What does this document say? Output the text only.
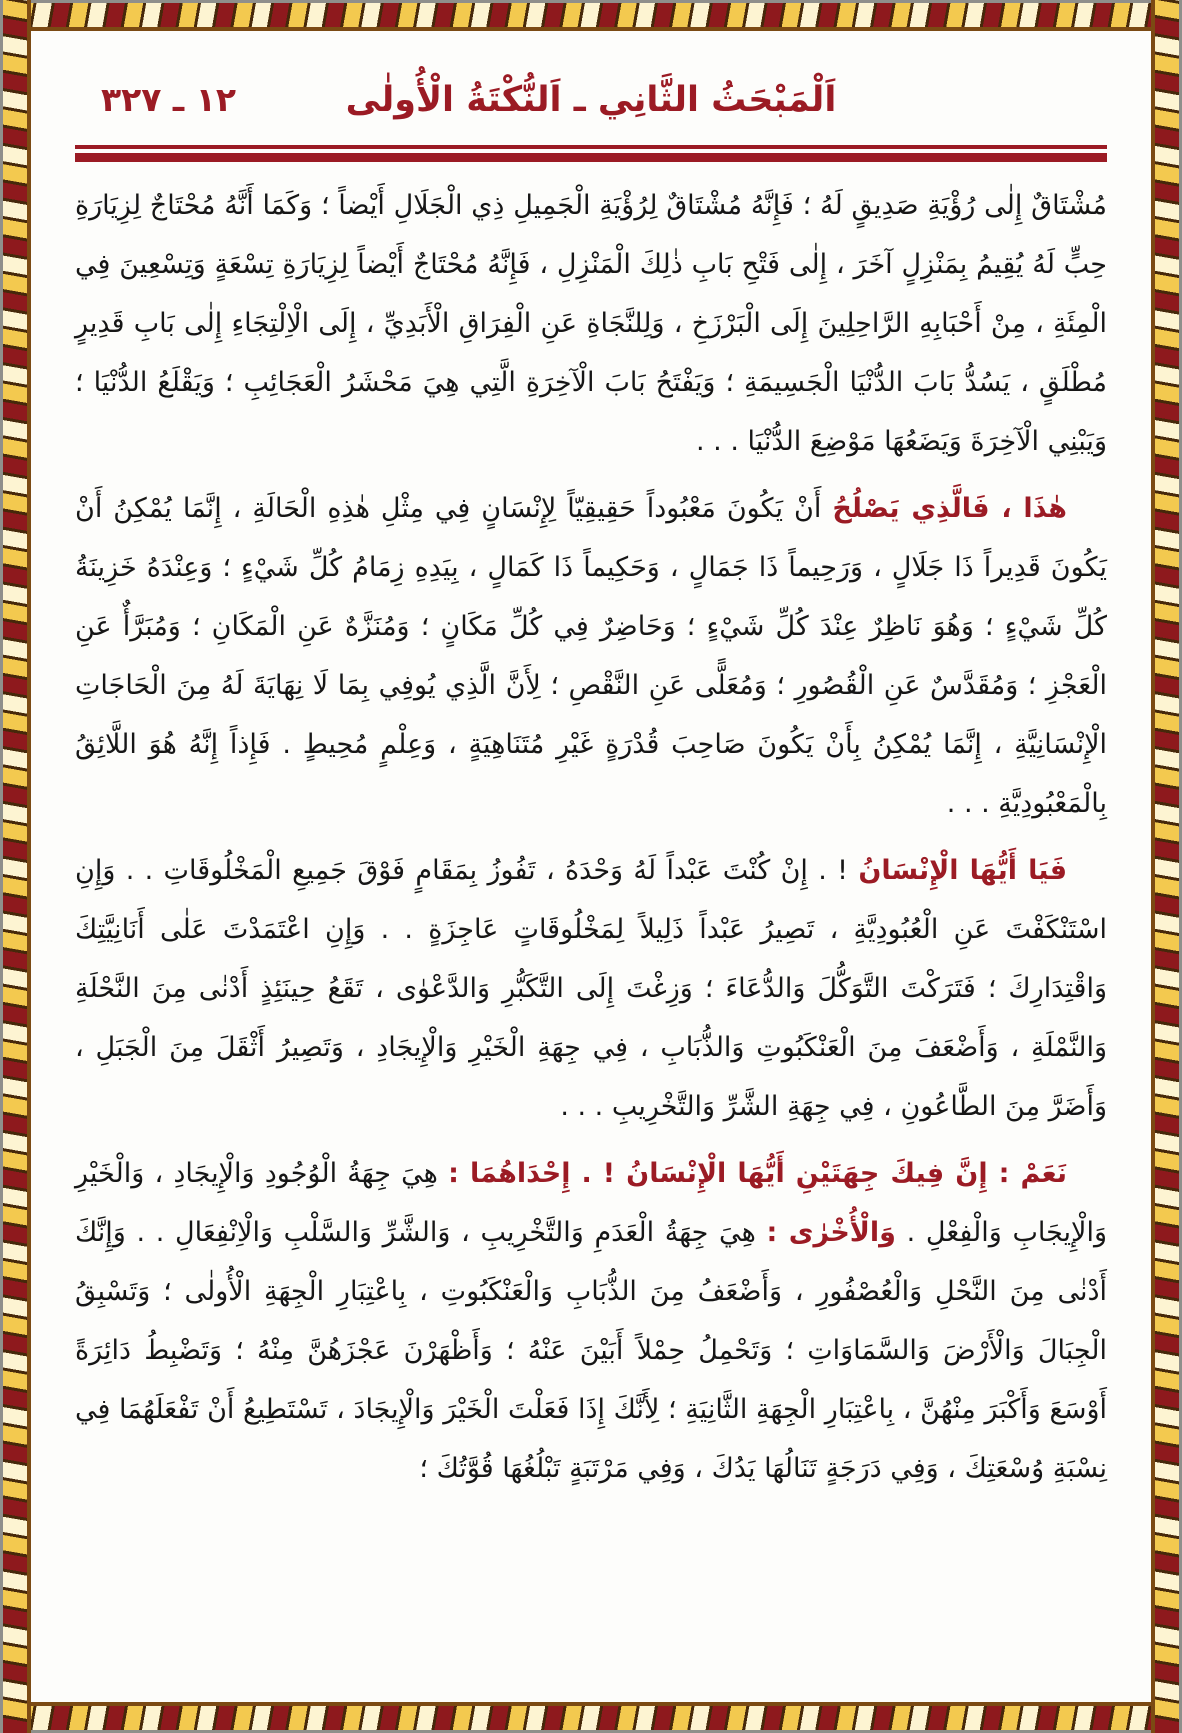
١٢ ـ ٣٢٧	اَلْمَبْحَثُ الثَّانِي ـ اَلنُّكْتَةُ الْأُولٰى

مُشْتَاقٌ إِلٰى رُؤْيَةِ صَدِيقٍ لَهُ ؛ فَإِنَّهُ مُشْتَاقٌ لِرُؤْيَةِ الْجَمِيلِ ذِي الْجَلَالِ أَيْضاً ؛ وَكَمَا أَنَّهُ مُحْتَاجٌ لِزِيَارَةِ حِبٍّ لَهُ يُقِيمُ بِمَنْزِلٍ آخَرَ ، إِلٰى فَتْحِ بَابِ ذٰلِكَ الْمَنْزِلِ ، فَإِنَّهُ مُحْتَاجٌ أَيْضاً لِزِيَارَةِ تِسْعَةٍ وَتِسْعِينَ فِي الْمِئَةِ ، مِنْ أَحْبَابِهِ الرَّاحِلِينَ إِلَى الْبَرْزَخِ ، وَلِلنَّجَاةِ عَنِ الْفِرَاقِ الْأَبَدِيِّ ، إِلَى الْاِلْتِجَاءِ إِلٰى بَابِ قَدِيرٍ مُطْلَقٍ ، يَسُدُّ بَابَ الدُّنْيَا الْجَسِيمَةِ ؛ وَيَفْتَحُ بَابَ الْآخِرَةِ الَّتِي هِيَ مَحْشَرُ الْعَجَائِبِ ؛ وَيَقْلَعُ الدُّنْيَا ؛ وَيَبْنِي الْآخِرَةَ وَيَضَعُهَا مَوْضِعَ الدُّنْيَا . . .

هٰذَا ، فَالَّذِي يَصْلُحُ أَنْ يَكُونَ مَعْبُوداً حَقِيقِيّاً لِإِنْسَانٍ فِي مِثْلِ هٰذِهِ الْحَالَةِ ، إِنَّمَا يُمْكِنُ أَنْ يَكُونَ قَدِيراً ذَا جَلَالٍ ، وَرَحِيماً ذَا جَمَالٍ ، وَحَكِيماً ذَا كَمَالٍ ، بِيَدِهِ زِمَامُ كُلِّ شَيْءٍ ؛ وَعِنْدَهُ خَزِينَةُ كُلِّ شَيْءٍ ؛ وَهُوَ نَاظِرٌ عِنْدَ كُلِّ شَيْءٍ ؛ وَحَاضِرٌ فِي كُلِّ مَكَانٍ ؛ وَمُنَزَّهٌ عَنِ الْمَكَانِ ؛ وَمُبَرَّأٌ عَنِ الْعَجْزِ ؛ وَمُقَدَّسٌ عَنِ الْقُصُورِ ؛ وَمُعَلًّى عَنِ النَّقْصِ ؛ لِأَنَّ الَّذِي يُوفِي بِمَا لَا نِهَايَةَ لَهُ مِنَ الْحَاجَاتِ الْإِنْسَانِيَّةِ ، إِنَّمَا يُمْكِنُ بِأَنْ يَكُونَ صَاحِبَ قُدْرَةٍ غَيْرِ مُتَنَاهِيَةٍ ، وَعِلْمٍ مُحِيطٍ . فَإِذاً إِنَّهُ هُوَ اللَّائِقُ بِالْمَعْبُودِيَّةِ . . .

فَيَا أَيُّهَا الْإِنْسَانُ ! . إِنْ كُنْتَ عَبْداً لَهُ وَحْدَهُ ، تَفُوزُ بِمَقَامٍ فَوْقَ جَمِيعِ الْمَخْلُوقَاتِ . . وَإِنِ اسْتَنْكَفْتَ عَنِ الْعُبُودِيَّةِ ، تَصِيرُ عَبْداً ذَلِيلاً لِمَخْلُوقَاتٍ عَاجِزَةٍ . . وَإِنِ اعْتَمَدْتَ عَلٰى أَنَانِيَّتِكَ وَاقْتِدَارِكَ ؛ فَتَرَكْتَ التَّوَكُّلَ وَالدُّعَاءَ ؛ وَزِغْتَ إِلَى التَّكَبُّرِ وَالدَّعْوٰى ، تَقَعُ حِينَئِذٍ أَدْنٰى مِنَ النَّحْلَةِ وَالنَّمْلَةِ ، وَأَضْعَفَ مِنَ الْعَنْكَبُوتِ وَالذُّبَابِ ، فِي جِهَةِ الْخَيْرِ وَالْإِيجَادِ ، وَتَصِيرُ أَثْقَلَ مِنَ الْجَبَلِ ، وَأَضَرَّ مِنَ الطَّاعُونِ ، فِي جِهَةِ الشَّرِّ وَالتَّخْرِيبِ . . .

نَعَمْ : إِنَّ فِيكَ جِهَتَيْنِ أَيُّهَا الْإِنْسَانُ ! . إِحْدَاهُمَا : هِيَ جِهَةُ الْوُجُودِ وَالْإِيجَادِ ، وَالْخَيْرِ وَالْإِيجَابِ وَالْفِعْلِ . وَالْأُخْرٰى : هِيَ جِهَةُ الْعَدَمِ وَالتَّخْرِيبِ ، وَالشَّرِّ وَالسَّلْبِ وَالْاِنْفِعَالِ . . وَإِنَّكَ أَدْنٰى مِنَ النَّحْلِ وَالْعُصْفُورِ ، وَأَضْعَفُ مِنَ الذُّبَابِ وَالْعَنْكَبُوتِ ، بِاعْتِبَارِ الْجِهَةِ الْأُولٰى ؛ وَتَسْبِقُ الْجِبَالَ وَالْأَرْضَ وَالسَّمَاوَاتِ ؛ وَتَحْمِلُ حِمْلاً أَبَيْنَ عَنْهُ ؛ وَأَظْهَرْنَ عَجْزَهُنَّ مِنْهُ ؛ وَتَضْبِطُ دَائِرَةً أَوْسَعَ وَأَكْبَرَ مِنْهُنَّ ، بِاعْتِبَارِ الْجِهَةِ الثَّانِيَةِ ؛ لِأَنَّكَ إِذَا فَعَلْتَ الْخَيْرَ وَالْإِيجَادَ ، تَسْتَطِيعُ أَنْ تَفْعَلَهُمَا فِي نِسْبَةِ وُسْعَتِكَ ، وَفِي دَرَجَةٍ تَنَالُهَا يَدُكَ ، وَفِي مَرْتَبَةٍ تَبْلُغُهَا قُوَّتُكَ ؛
